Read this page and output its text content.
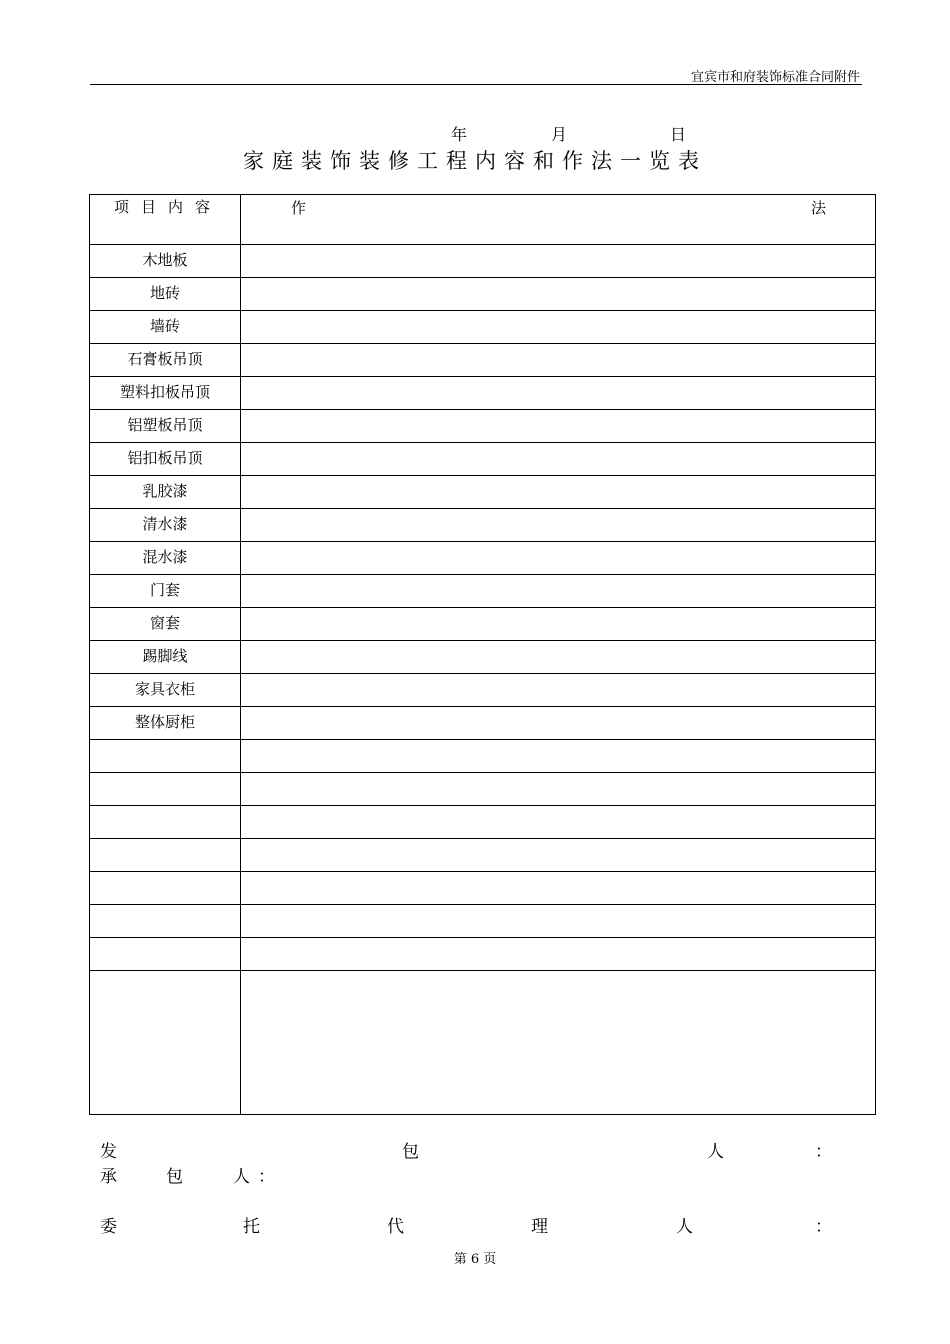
宜宾市和府装饰标准合同附件
年	月	日
家庭装饰装修工程内容和作法一览表
项目内容	作 法

木地板	
地砖	
墙砖	
石膏板吊顶	
塑料扣板吊顶	
铝塑板吊顶	
铝扣板吊顶	
乳胶漆	
清水漆	
混水漆	
门套	
窗套	
踢脚线	
家具衣柜	
整体厨柜	

发	包	人	：
承	包	人 ：
委	托	代	理	人	：
第 6 页
